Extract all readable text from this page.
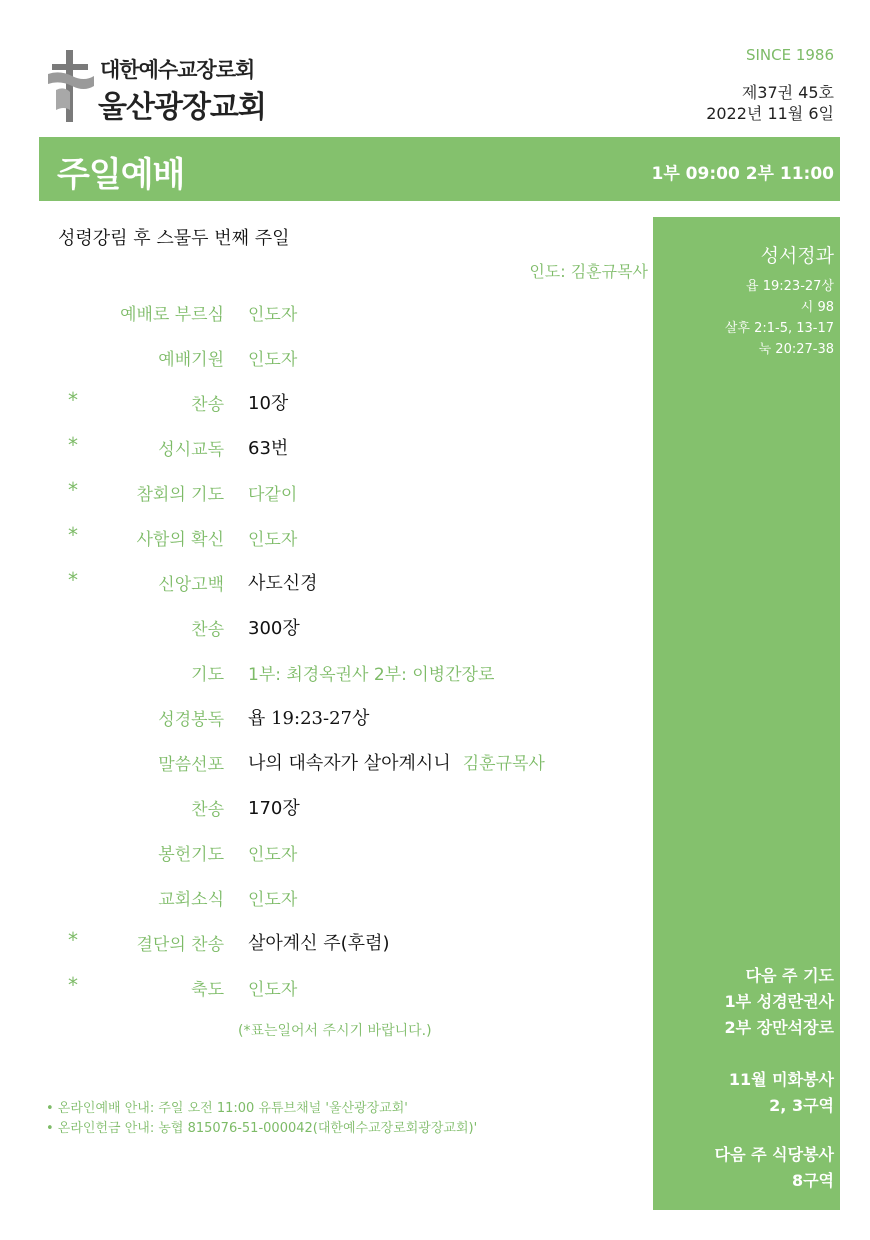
대한예수교장로회
울산광장교회
SINCE 1986
제37권 45호
2022년 11월 6일
주일예배	1부 09:00 2부 11:00
성서정과
욥 19:23-27상
시 98
살후 2:1-5, 13-17
눅 20:27-38
다음 주 기도
1부 성경란권사
2부 장만석장로
11월 미화봉사
2, 3구역
다음 주 식당봉사
8구역
성령강림 후 스물두 번째 주일
인도: 김훈규목사
예배로 부르심 인도자
예배기원 인도자
*	찬송 10장
*	성시교독 63번
*	참회의 기도 다같이
*	사함의 확신 인도자
*	신앙고백 사도신경
찬송 300장
기도 1부: 최경옥권사 2부: 이병간장로
성경봉독 욥 19:23-27상
말씀선포 나의 대속자가 살아계시니 김훈규목사
찬송 170장
봉헌기도 인도자
교회소식 인도자
*	결단의 찬송 살아계신 주(후렴)
*	축도 인도자
(*표는일어서 주시기 바랍니다.)
• 온라인예배 안내: 주일 오전 11:00 유튜브채널 '울산광장교회'
• 온라인헌금 안내: 농협 815076-51-000042(대한예수교장로회광장교회)'
